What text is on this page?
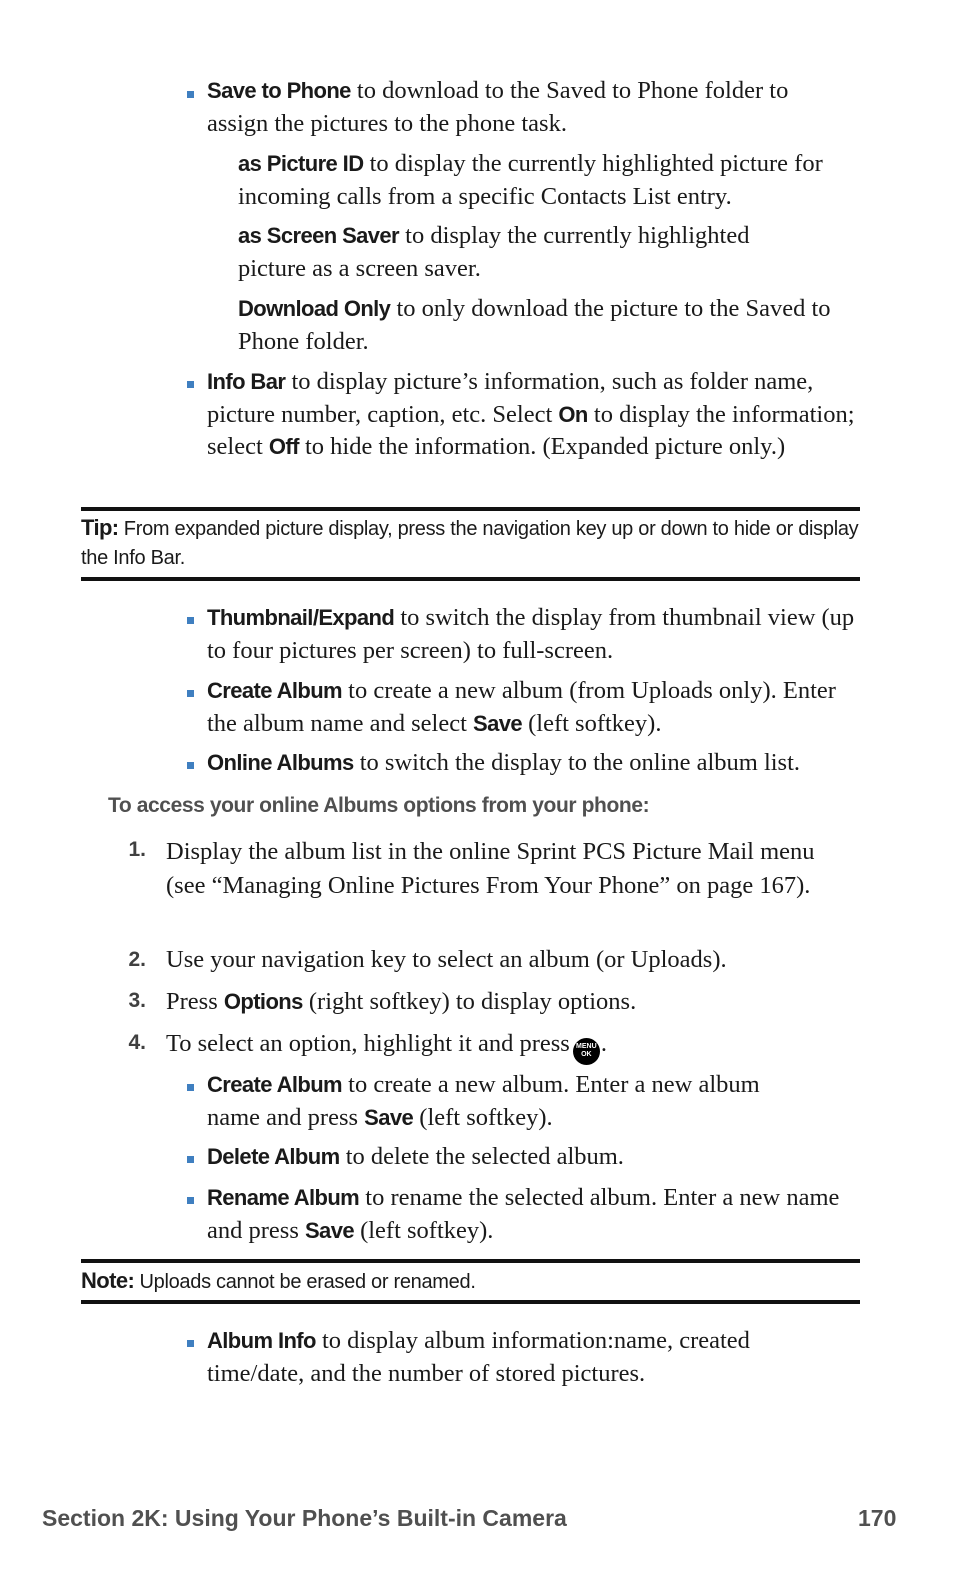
Save to Phone to download to the Saved to Phone folder to assign the pictures to the phone task.
as Picture ID to display the currently highlighted picture for incoming calls from a specific Contacts List entry.
as Screen Saver to display the currently highlighted picture as a screen saver.
Download Only to only download the picture to the Saved to Phone folder.
Info Bar to display picture’s information, such as folder name, picture number, caption, etc. Select On to display the information; select Off to hide the information. (Expanded picture only.)
Tip: From expanded picture display, press the navigation key up or down to hide or display the Info Bar.
Thumbnail/Expand to switch the display from thumbnail view (up to four pictures per screen) to full-screen.
Create Album to create a new album (from Uploads only). Enter the album name and select Save (left softkey).
Online Albums to switch the display to the online album list.
To access your online Albums options from your phone:
1. Display the album list in the online Sprint PCS Picture Mail menu (see “Managing Online Pictures From Your Phone” on page 167).
2. Use your navigation key to select an album (or Uploads).
3. Press Options (right softkey) to display options.
4. To select an option, highlight it and press MENU
OK .
Create Album to create a new album. Enter a new album name and press Save (left softkey).
Delete Album to delete the selected album.
Rename Album to rename the selected album. Enter a new name and press Save (left softkey).
Note: Uploads cannot be erased or renamed.
Album Info to display album information:name, created time/date, and the number of stored pictures.
Section 2K: Using Your Phone’s Built-in Camera	170
